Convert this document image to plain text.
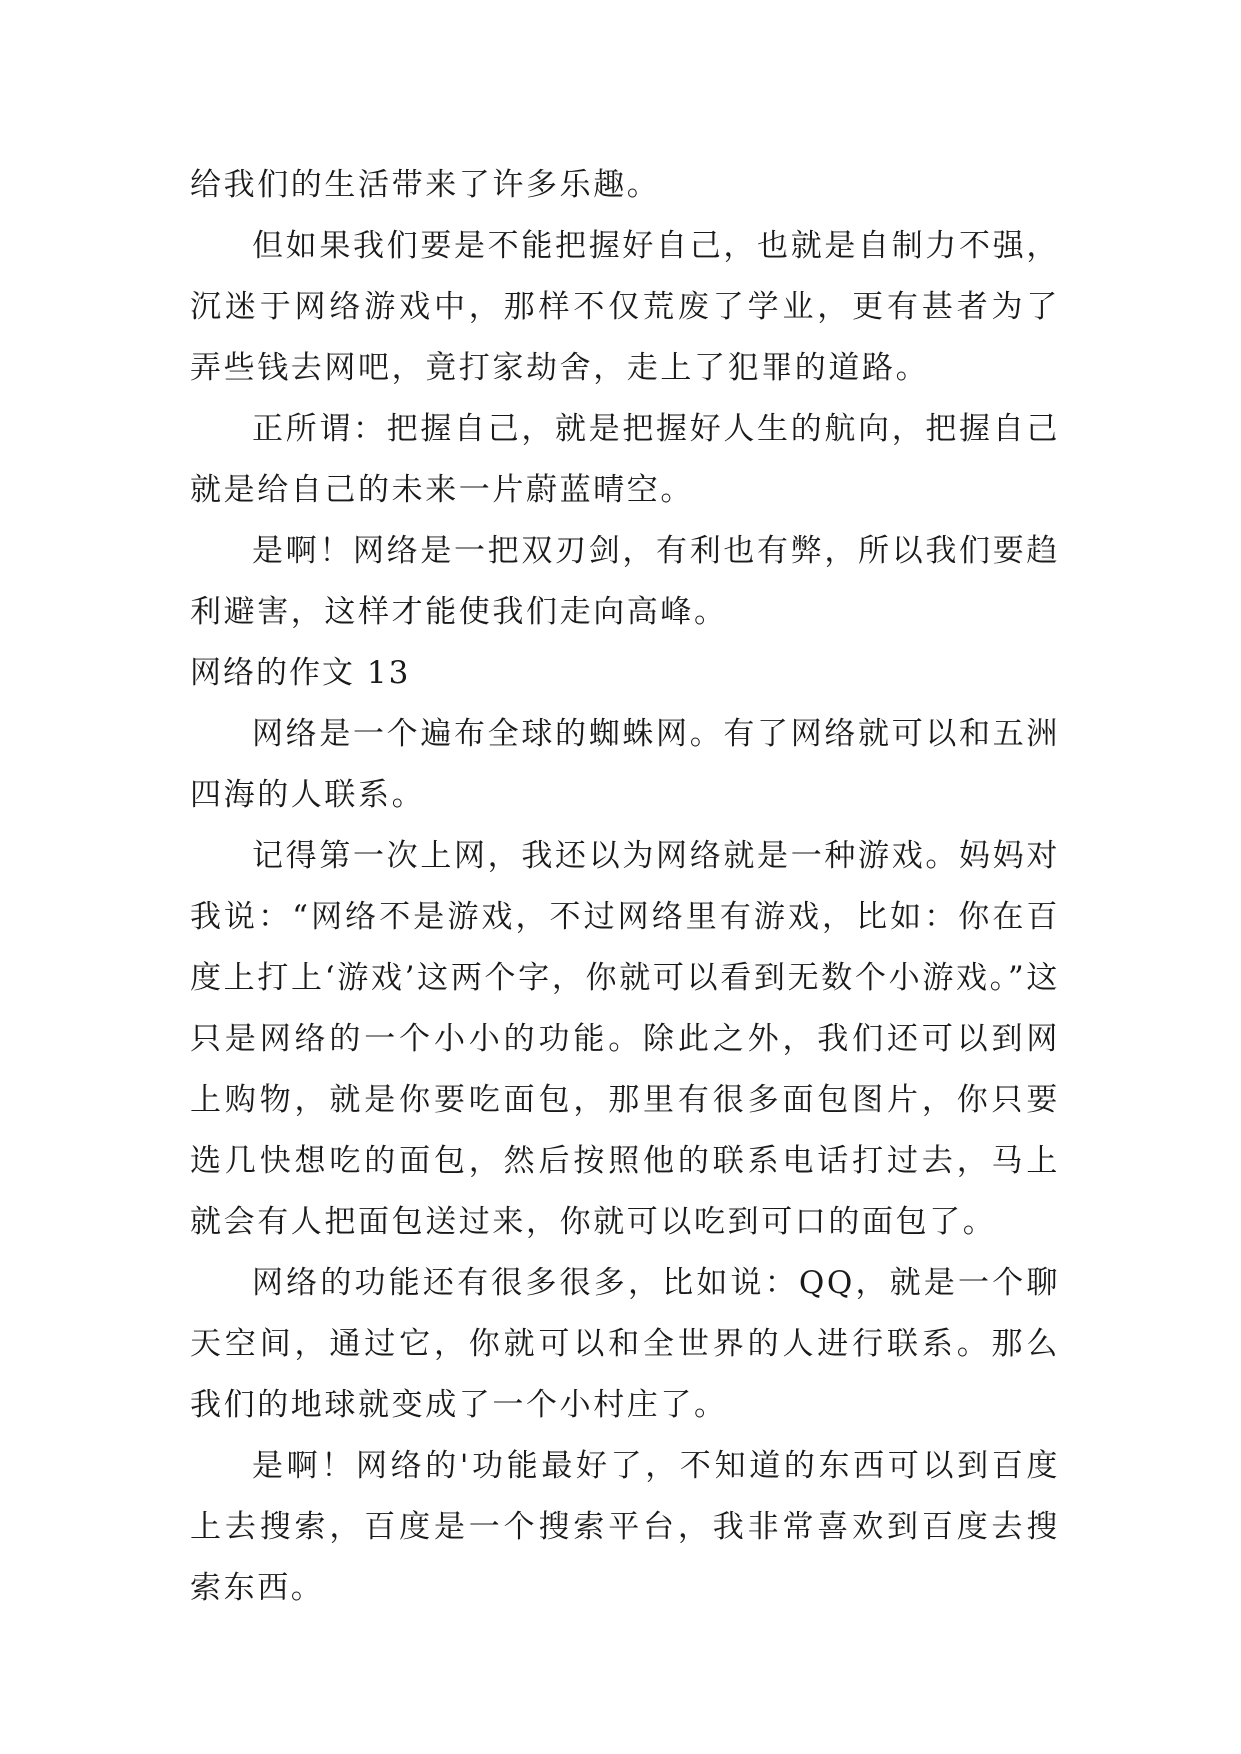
给我们的生活带来了许多乐趣。

但如果我们要是不能把握好自己，也就是自制力不强，沉迷于网络游戏中，那样不仅荒废了学业，更有甚者为了弄些钱去网吧，竟打家劫舍，走上了犯罪的道路。

正所谓：把握自己，就是把握好人生的航向，把握自己就是给自己的未来一片蔚蓝晴空。

是啊！网络是一把双刃剑，有利也有弊，所以我们要趋利避害，这样才能使我们走向高峰。

网络的作文 13

网络是一个遍布全球的蜘蛛网。有了网络就可以和五洲四海的人联系。

记得第一次上网，我还以为网络就是一种游戏。妈妈对我说：“网络不是游戏，不过网络里有游戏，比如：你在百度上打上‘游戏’这两个字，你就可以看到无数个小游戏。”这只是网络的一个小小的功能。除此之外，我们还可以到网上购物，就是你要吃面包，那里有很多面包图片，你只要选几快想吃的面包，然后按照他的联系电话打过去，马上就会有人把面包送过来，你就可以吃到可口的面包了。

网络的功能还有很多很多，比如说：QQ，就是一个聊天空间，通过它，你就可以和全世界的人进行联系。那么我们的地球就变成了一个小村庄了。

是啊！网络的'功能最好了，不知道的东西可以到百度上去搜索，百度是一个搜索平台，我非常喜欢到百度去搜索东西。
